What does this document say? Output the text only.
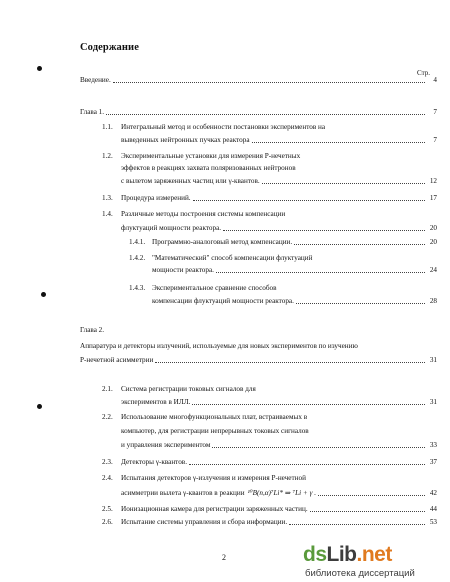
Содержание
Стр.
Введение.	4
Глава 1.	7
1.1. Интегральный метод и особенности постановки экспериментов на
выведенных нейтронных пучках реактора	7
1.2. Экспериментальные установки для измерения Р-нечетных
эффектов в реакциях захвата поляризованных нейтронов
с вылетом заряженных частиц или γ-квантов.	12
1.3. Процедура измерений.	17
1.4. Различные методы построения системы компенсации
флуктуаций мощности реактора.	20
1.4.1. Программно-аналоговый метод компенсации.	20
1.4.2. "Математический" способ компенсации флуктуаций
мощности реактора.	24
1.4.3. Экспериментальное сравнение способов
компенсации флуктуаций мощности реактора.	28
Глава 2.
Аппаратура и детекторы излучений, используемые для новых экспериментов по изучению
Р-нечетной асимметрии	31
2.1. Система регистрации токовых сигналов для
экспериментов в ИЛЛ.	31
2.2. Использование многофункциональных плат, встраиваемых в
компьютер, для регистрации непрерывных токовых сигналов
и управления экспериментом	33
2.3. Детекторы γ-квантов.	37
2.4. Испытания детекторов γ-излучения и измерения Р-нечетной
асимметрии вылета γ-квантов в реакции ¹⁰B(n,α)⁷Li* ⇒ ⁷Li + γ .	42
2.5. Ионизационная камера для регистрации заряженных частиц.	44
2.6. Испытание системы управления и сбора информации.	53
2	dsLib.net
библиотека диссертаций
